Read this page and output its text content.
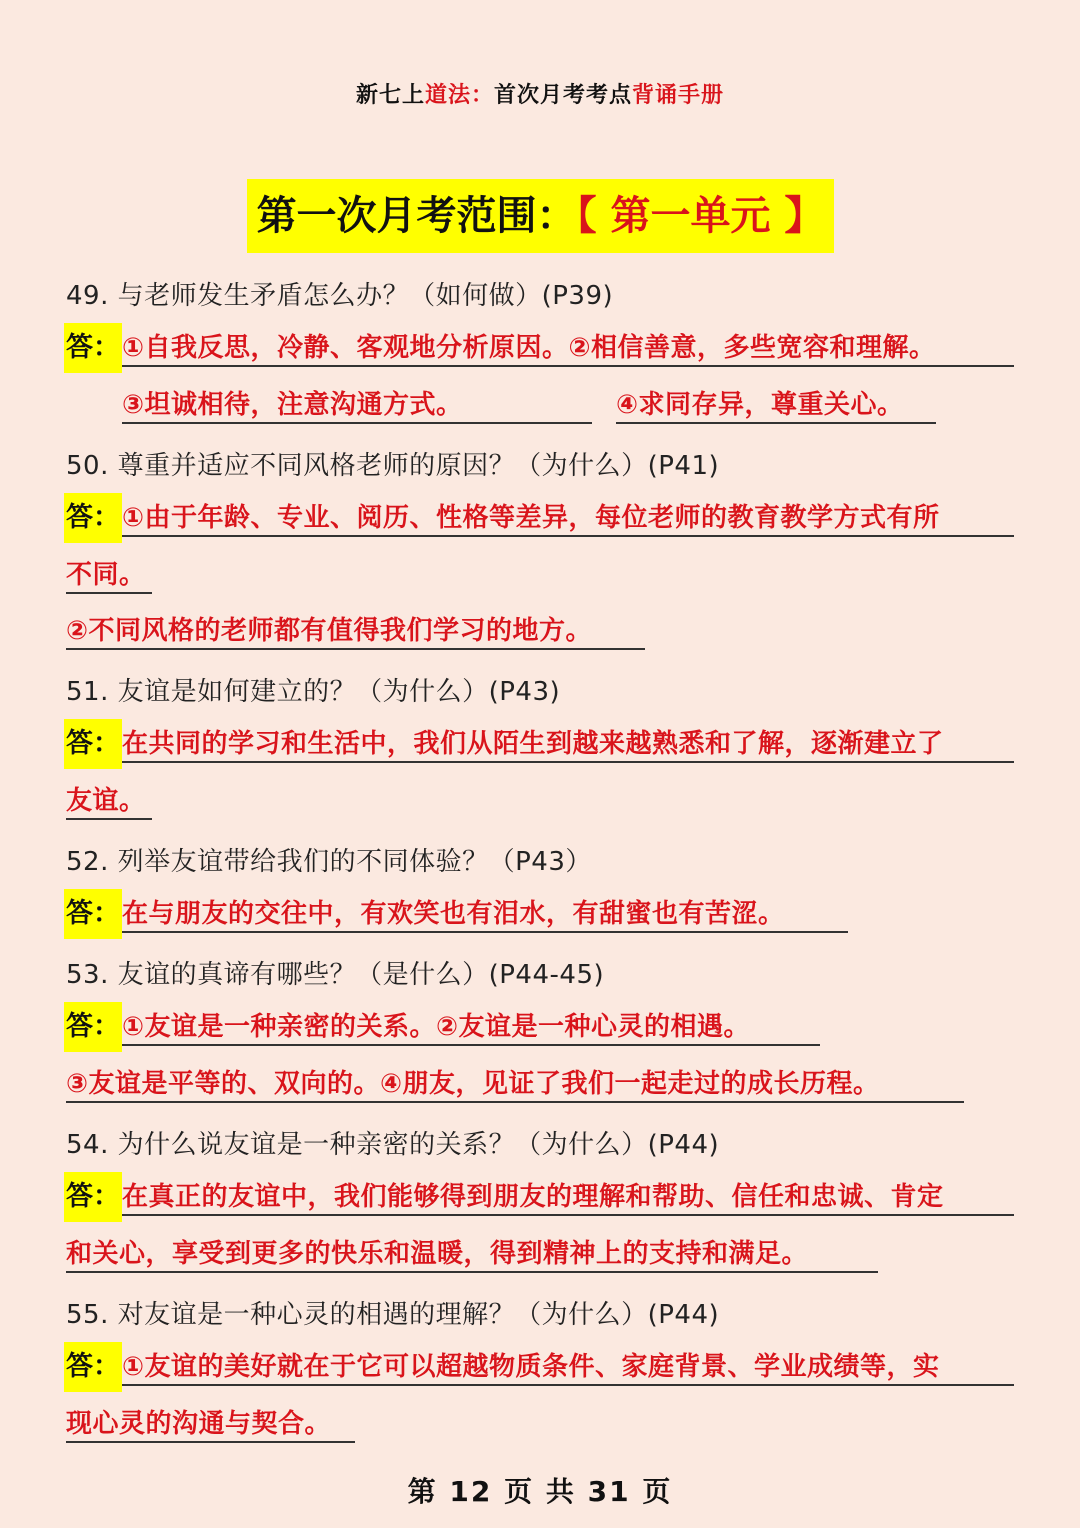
新七上道法：首次月考考点背诵手册
第一次月考范围：【 第一单元 】
49. 与老师发生矛盾怎么办？（如何做）(P39)
答： ①自我反思，冷静、客观地分析原因。②相信善意，多些宽容和理解。
③坦诚相待，注意沟通方式。	④求同存异，尊重关心。
50. 尊重并适应不同风格老师的原因？（为什么）(P41)
答： ①由于年龄、专业、阅历、性格等差异，每位老师的教育教学方式有所
不同。
②不同风格的老师都有值得我们学习的地方。
51. 友谊是如何建立的？（为什么）(P43)
答： 在共同的学习和生活中，我们从陌生到越来越熟悉和了解，逐渐建立了
友谊。
52. 列举友谊带给我们的不同体验？（P43）
答： 在与朋友的交往中，有欢笑也有泪水，有甜蜜也有苦涩。
53. 友谊的真谛有哪些？（是什么）(P44-45)
答： ①友谊是一种亲密的关系。②友谊是一种心灵的相遇。
③友谊是平等的、双向的。④朋友，见证了我们一起走过的成长历程。
54. 为什么说友谊是一种亲密的关系？（为什么）(P44)
答： 在真正的友谊中，我们能够得到朋友的理解和帮助、信任和忠诚、肯定
和关心，享受到更多的快乐和温暖，得到精神上的支持和满足。
55. 对友谊是一种心灵的相遇的理解？（为什么）(P44)
答： ①友谊的美好就在于它可以超越物质条件、家庭背景、学业成绩等，实
现心灵的沟通与契合。
第 12 页 共 31 页
